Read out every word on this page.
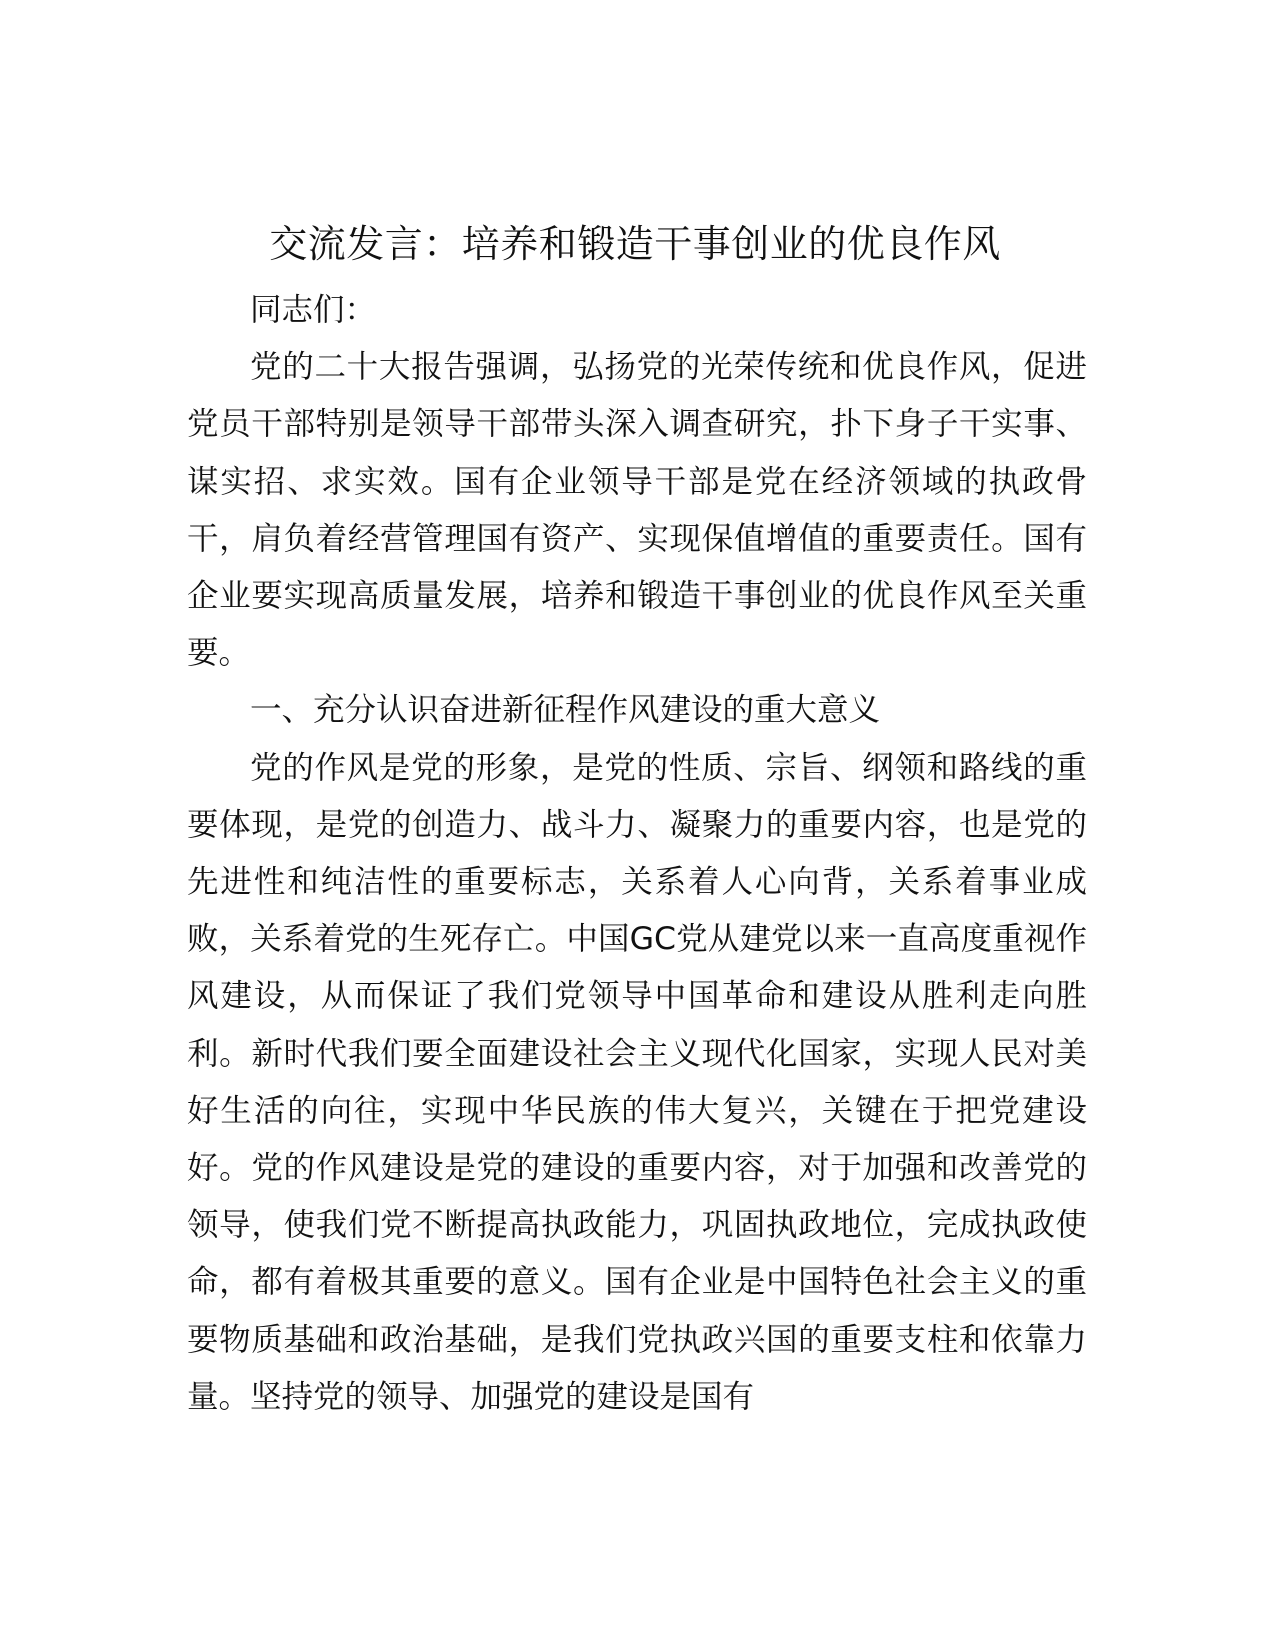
交流发言：培养和锻造干事创业的优良作风

同志们：

党的二十大报告强调，弘扬党的光荣传统和优良作风，促进党员干部特别是领导干部带头深入调查研究，扑下身子干实事、谋实招、求实效。国有企业领导干部是党在经济领域的执政骨干，肩负着经营管理国有资产、实现保值增值的重要责任。国有企业要实现高质量发展，培养和锻造干事创业的优良作风至关重要。

一、充分认识奋进新征程作风建设的重大意义

党的作风是党的形象，是党的性质、宗旨、纲领和路线的重要体现，是党的创造力、战斗力、凝聚力的重要内容，也是党的先进性和纯洁性的重要标志，关系着人心向背，关系着事业成败，关系着党的生死存亡。中国GC党从建党以来一直高度重视作风建设，从而保证了我们党领导中国革命和建设从胜利走向胜利。新时代我们要全面建设社会主义现代化国家，实现人民对美好生活的向往，实现中华民族的伟大复兴，关键在于把党建设好。党的作风建设是党的建设的重要内容，对于加强和改善党的领导，使我们党不断提高执政能力，巩固执政地位，完成执政使命，都有着极其重要的意义。国有企业是中国特色社会主义的重要物质基础和政治基础，是我们党执政兴国的重要支柱和依靠力量。坚持党的领导、加强党的建设是国有
